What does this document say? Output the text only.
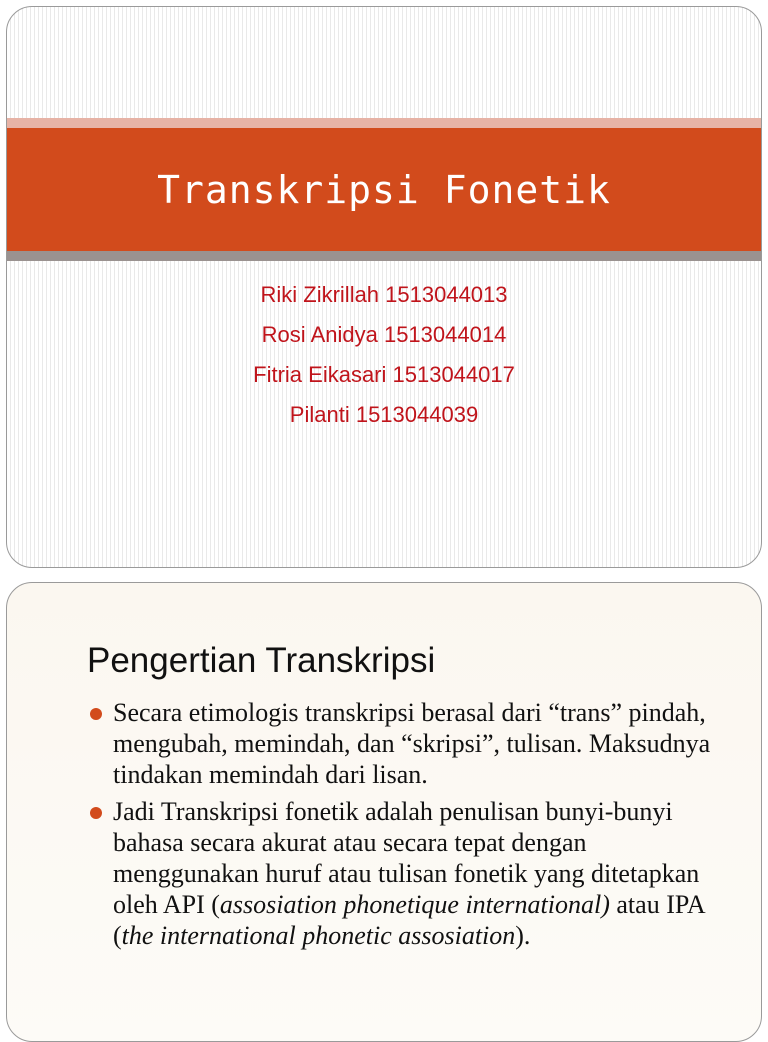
Transkripsi Fonetik
Riki Zikrillah 1513044013
Rosi Anidya 1513044014
Fitria Eikasari 1513044017
Pilanti 1513044039
Pengertian Transkripsi
Secara etimologis transkripsi berasal dari “trans” pindah, mengubah, memindah, dan “skripsi”, tulisan. Maksudnya tindakan memindah dari lisan.
Jadi Transkripsi fonetik adalah penulisan bunyi-bunyi bahasa secara akurat atau secara tepat dengan menggunakan huruf atau tulisan fonetik yang ditetapkan oleh API (assosiation phonetique international) atau IPA (the international phonetic assosiation).
